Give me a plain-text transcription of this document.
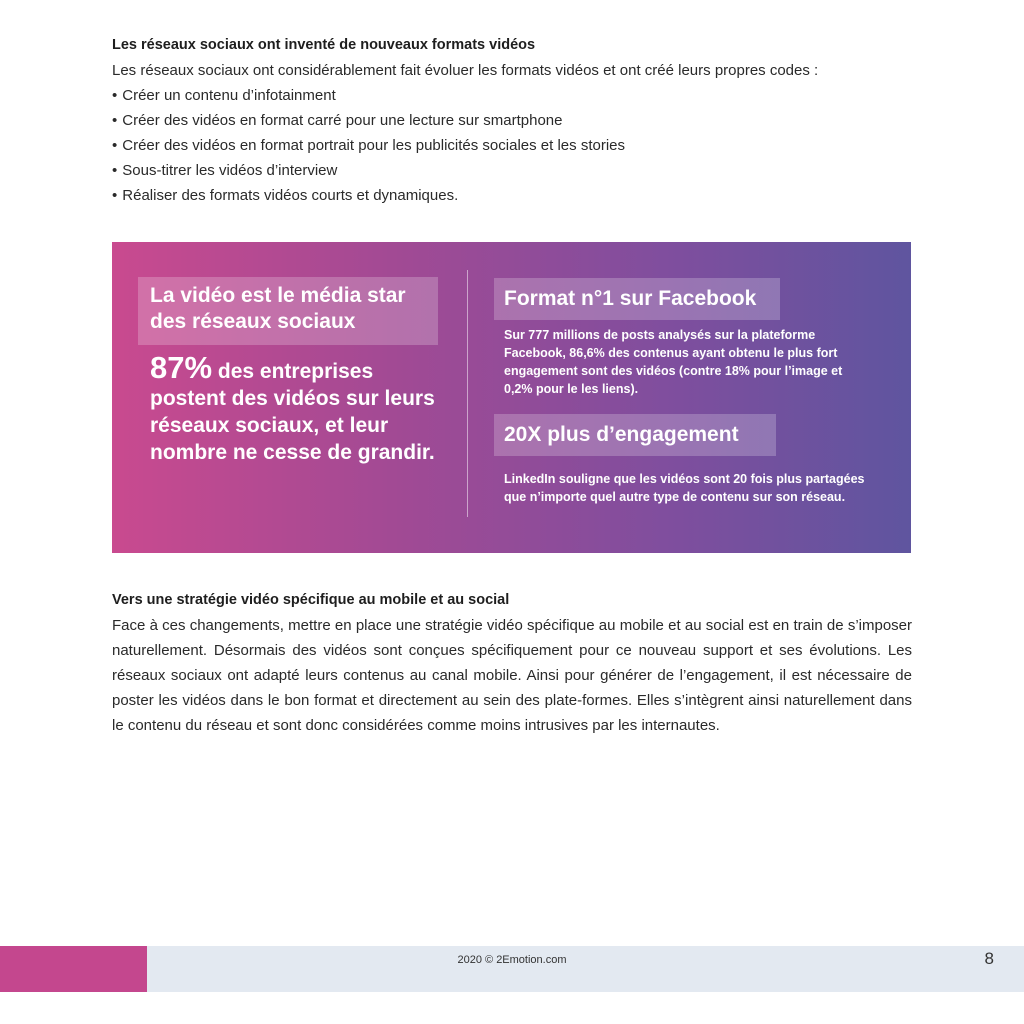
Les réseaux sociaux ont inventé de nouveaux formats vidéos

Les réseaux sociaux ont considérablement fait évoluer les formats vidéos et ont créé leurs propres codes :

• Créer un contenu d’infotainment
• Créer des vidéos en format carré pour une lecture sur smartphone
• Créer des vidéos en format portrait pour les publicités sociales et les stories
• Sous-titrer les vidéos d’interview
• Réaliser des formats vidéos courts et dynamiques.
La vidéo est le média star
des réseaux sociaux
87% des entreprises postent des vidéos sur leurs réseaux sociaux, et leur nombre ne cesse de grandir.
Format n°1 sur Facebook
Sur 777 millions de posts analysés sur la plateforme Facebook, 86,6% des contenus ayant obtenu le plus fort engagement sont des vidéos (contre 18% pour l’image et 0,2% pour le les liens).
20X plus d’engagement
LinkedIn souligne que les vidéos sont 20 fois plus partagées que n’importe quel autre type de contenu sur son réseau.

Vers une stratégie vidéo spécifique au mobile et au social

Face à ces changements, mettre en place une stratégie vidéo spécifique au mobile et au social est en train de s’imposer naturellement. Désormais des vidéos sont conçues spécifiquement pour ce nouveau support et ses évolutions. Les réseaux sociaux ont adapté leurs contenus au canal mobile. Ainsi pour générer de l’engagement, il est nécessaire de poster les vidéos dans le bon format et directement au sein des plate-formes. Elles s’intègrent ainsi naturellement dans le contenu du réseau et sont donc considérées comme moins intrusives par les internautes.

2020 © 2Emotion.com	8
